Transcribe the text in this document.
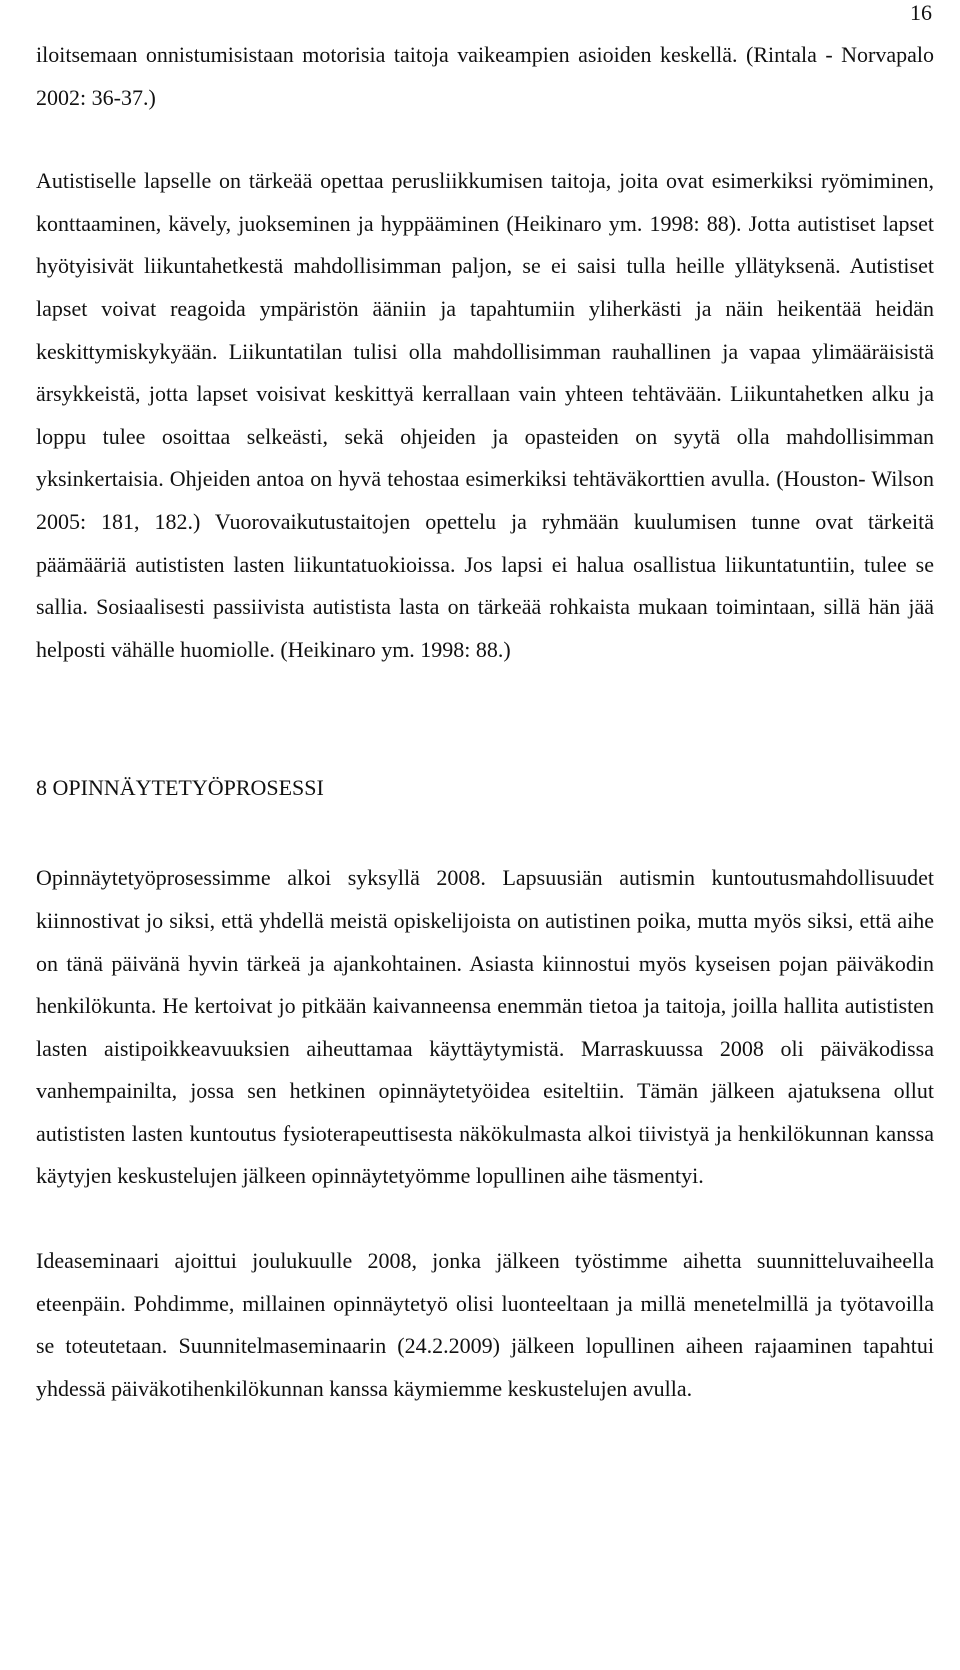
16

iloitsemaan onnistumisistaan motorisia taitoja vaikeampien asioiden keskellä. (Rintala - Norvapalo 2002: 36-37.)

Autistiselle lapselle on tärkeää opettaa perusliikkumisen taitoja, joita ovat esimerkiksi ryömiminen, konttaaminen, kävely, juokseminen ja hyppääminen (Heikinaro ym. 1998: 88). Jotta autistiset lapset hyötyisivät liikuntahetkestä mahdollisimman paljon, se ei saisi tulla heille yllätyksenä. Autistiset lapset voivat reagoida ympäristön ääniin ja tapahtumiin yliherkästi ja näin heikentää heidän keskittymiskykyään. Liikuntatilan tulisi olla mahdollisimman rauhallinen ja vapaa ylimääräisistä ärsykkeistä, jotta lapset voisivat keskittyä kerrallaan vain yhteen tehtävään. Liikuntahetken alku ja loppu tulee osoittaa selkeästi, sekä ohjeiden ja opasteiden on syytä olla mahdollisimman yksinkertaisia. Ohjeiden antoa on hyvä tehostaa esimerkiksi tehtäväkorttien avulla. (Houston- Wilson 2005: 181, 182.) Vuorovaikutustaitojen opettelu ja ryhmään kuulumisen tunne ovat tärkeitä päämääriä autististen lasten liikuntatuokioissa. Jos lapsi ei halua osallistua liikuntatuntiin, tulee se sallia. Sosiaalisesti passiivista autistista lasta on tärkeää rohkaista mukaan toimintaan, sillä hän jää helposti vähälle huomiolle. (Heikinaro ym. 1998: 88.)

8 OPINNÄYTETYÖPROSESSI

Opinnäytetyöprosessimme alkoi syksyllä 2008. Lapsuusiän autismin kuntoutusmahdollisuudet kiinnostivat jo siksi, että yhdellä meistä opiskelijoista on autistinen poika, mutta myös siksi, että aihe on tänä päivänä hyvin tärkeä ja ajankohtainen. Asiasta kiinnostui myös kyseisen pojan päiväkodin henkilökunta. He kertoivat jo pitkään kaivanneensa enemmän tietoa ja taitoja, joilla hallita autististen lasten aistipoikkeavuuksien aiheuttamaa käyttäytymistä. Marraskuussa 2008 oli päiväkodissa vanhempainilta, jossa sen hetkinen opinnäytetyöidea esiteltiin. Tämän jälkeen ajatuksena ollut autististen lasten kuntoutus fysioterapeuttisesta näkökulmasta alkoi tiivistyä ja henkilökunnan kanssa käytyjen keskustelujen jälkeen opinnäytetyömme lopullinen aihe täsmentyi.

Ideaseminaari ajoittui joulukuulle 2008, jonka jälkeen työstimme aihetta suunnitteluvaiheella eteenpäin. Pohdimme, millainen opinnäytetyö olisi luonteeltaan ja millä menetelmillä ja työtavoilla se toteutetaan. Suunnitelmaseminaarin (24.2.2009) jälkeen lopullinen aiheen rajaaminen tapahtui yhdessä päiväkotihenkilökunnan kanssa käymiemme keskustelujen avulla.
